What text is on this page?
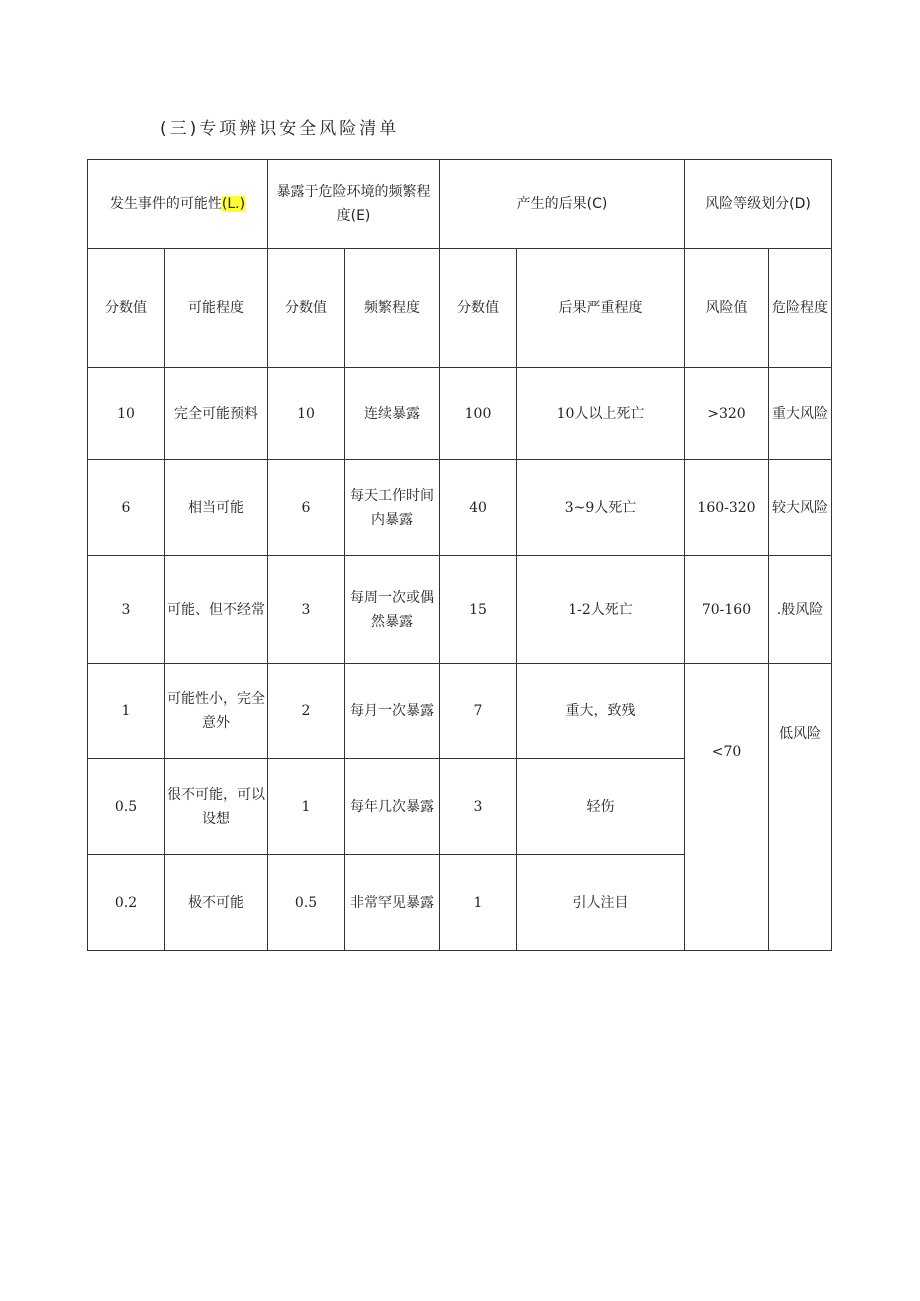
(三)专项辨识安全风险清单
发生事件的可能性(L.)		暴露于危险环境的频繁程度(E)		产生的后果(C)		风险等级划分(D)	
分数值	可能程度	分数值	频繁程度	分数值	后果严重程度	风险值	危险程度
10	完全可能预料	10	连续暴露	100	10人以上死亡	>320	重大风险
6	相当可能	6	每天工作时间内暴露	40	3~9人死亡	160-320	较大风险
3	可能、但不经常	3	每周一次或偶然暴露	15	1-2人死亡	70-160	.般风险
1	可能性小，完全意外	2	每月一次暴露	7	重大，致残	<70	低风险
0.5	很不可能，可以设想	1	每年几次暴露	3	轻伤		
0.2	极不可能	0.5	非常罕见暴露	1	引人注目		
